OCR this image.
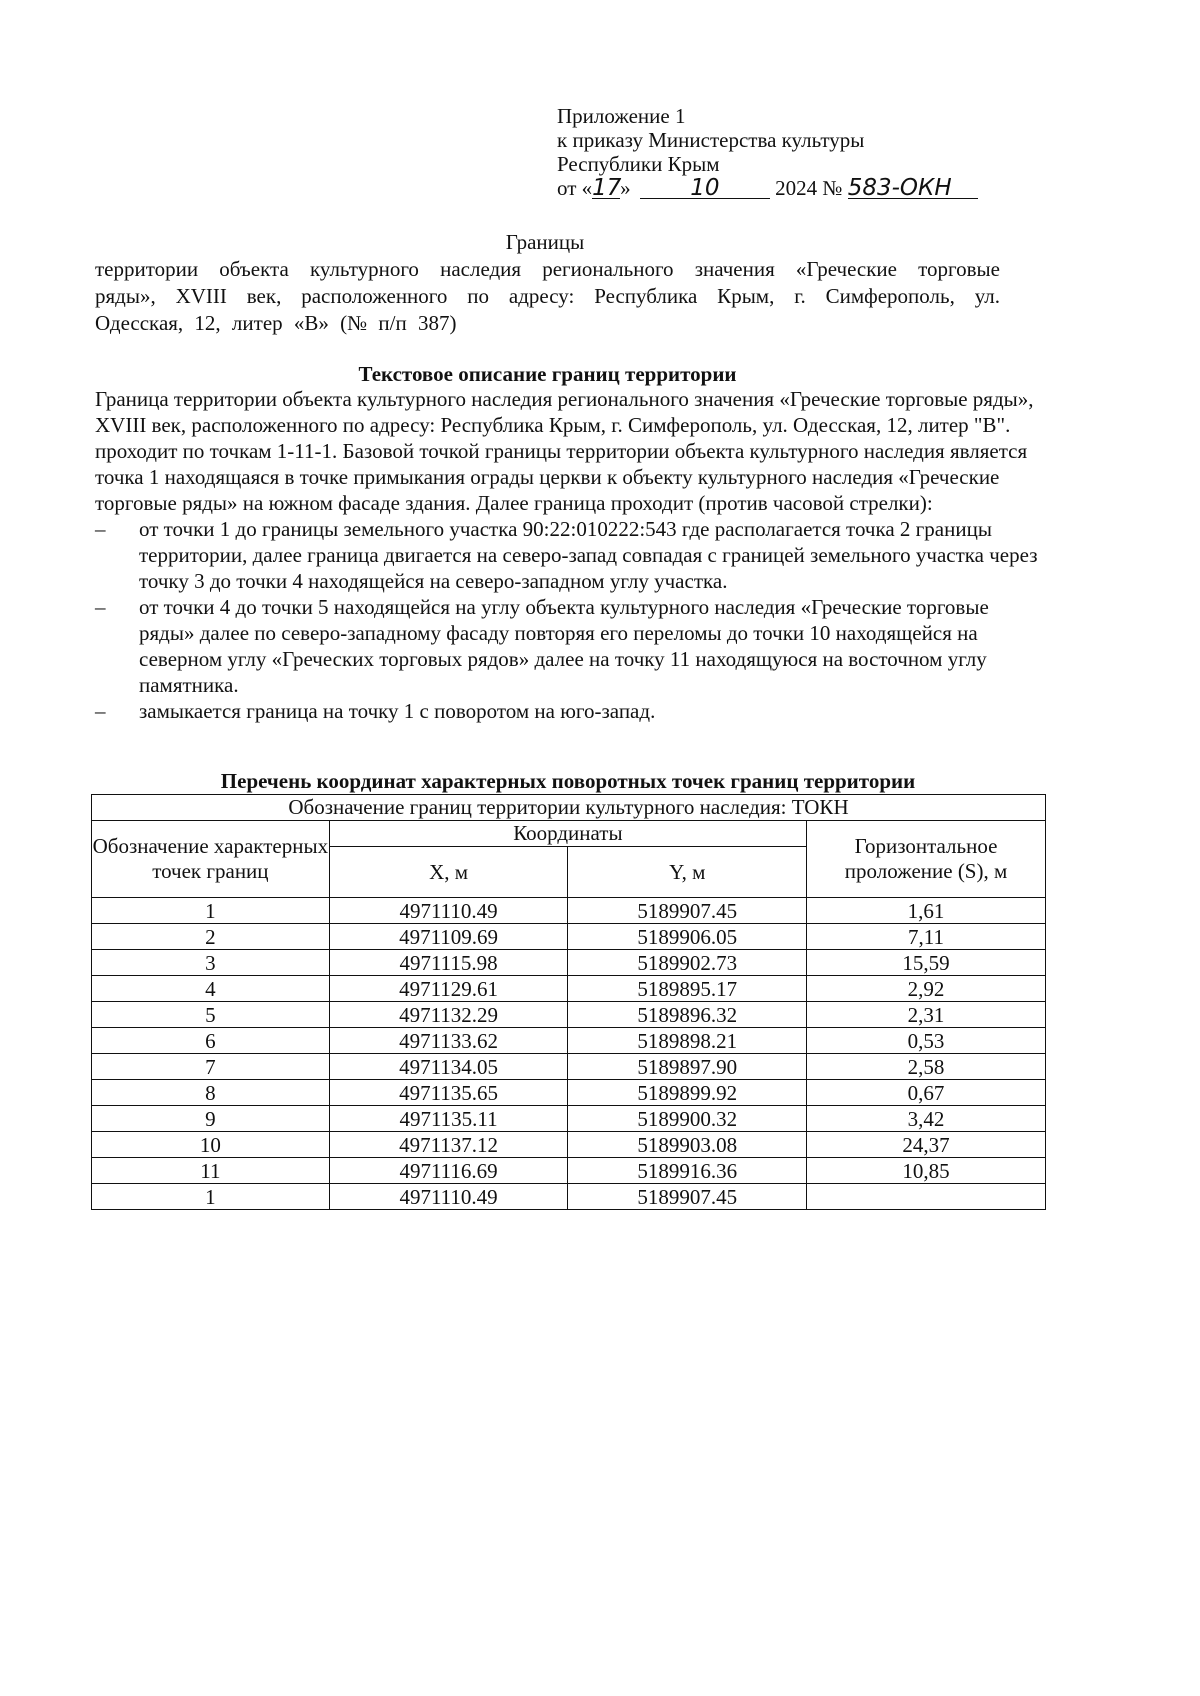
Приложение 1
к приказу Министерства культуры
Республики Крым
от «17»	10	2024 № 583-ОКН
Границы
территории объекта культурного наследия регионального значения «Греческие торговые ряды», XVIII век, расположенного по адресу: Республика Крым, г. Симферополь, ул. Одесская, 12, литер «В» (№ п/п 387)
Текстовое описание границ территории

Граница территории объекта культурного наследия регионального значения «Греческие торговые ряды», XVIII век, расположенного по адресу: Республика Крым, г. Симферополь, ул. Одесская, 12, литер "В". проходит по точкам 1-11-1. Базовой точкой границы территории объекта культурного наследия является точка 1 находящаяся в точке примыкания ограды церкви к объекту культурного наследия «Греческие торговые ряды» на южном фасаде здания. Далее граница проходит (против часовой стрелки):

– от точки 1 до границы земельного участка 90:22:010222:543 где располагается точка 2 границы территории, далее граница двигается на северо-запад совпадая с границей земельного участка через точку 3 до точки 4 находящейся на северо-западном углу участка.
– от точки 4 до точки 5 находящейся на углу объекта культурного наследия «Греческие торговые ряды» далее по северо-западному фасаду повторяя его переломы до точки 10 находящейся на северном углу «Греческих торговых рядов» далее на точку 11 находящуюся на восточном углу памятника.
– замыкается граница на точку 1 с поворотом на юго-запад.
Перечень координат характерных поворотных точек границ территории
Обозначение границ территории культурного наследия: ТОКН			
Обозначение характерных точек границ	Координаты		Горизонтальное проложение (S), м
	X, м	Y, м	
1	4971110.49	5189907.45	1,61
2	4971109.69	5189906.05	7,11
3	4971115.98	5189902.73	15,59
4	4971129.61	5189895.17	2,92
5	4971132.29	5189896.32	2,31
6	4971133.62	5189898.21	0,53
7	4971134.05	5189897.90	2,58
8	4971135.65	5189899.92	0,67
9	4971135.11	5189900.32	3,42
10	4971137.12	5189903.08	24,37
11	4971116.69	5189916.36	10,85
1	4971110.49	5189907.45	
